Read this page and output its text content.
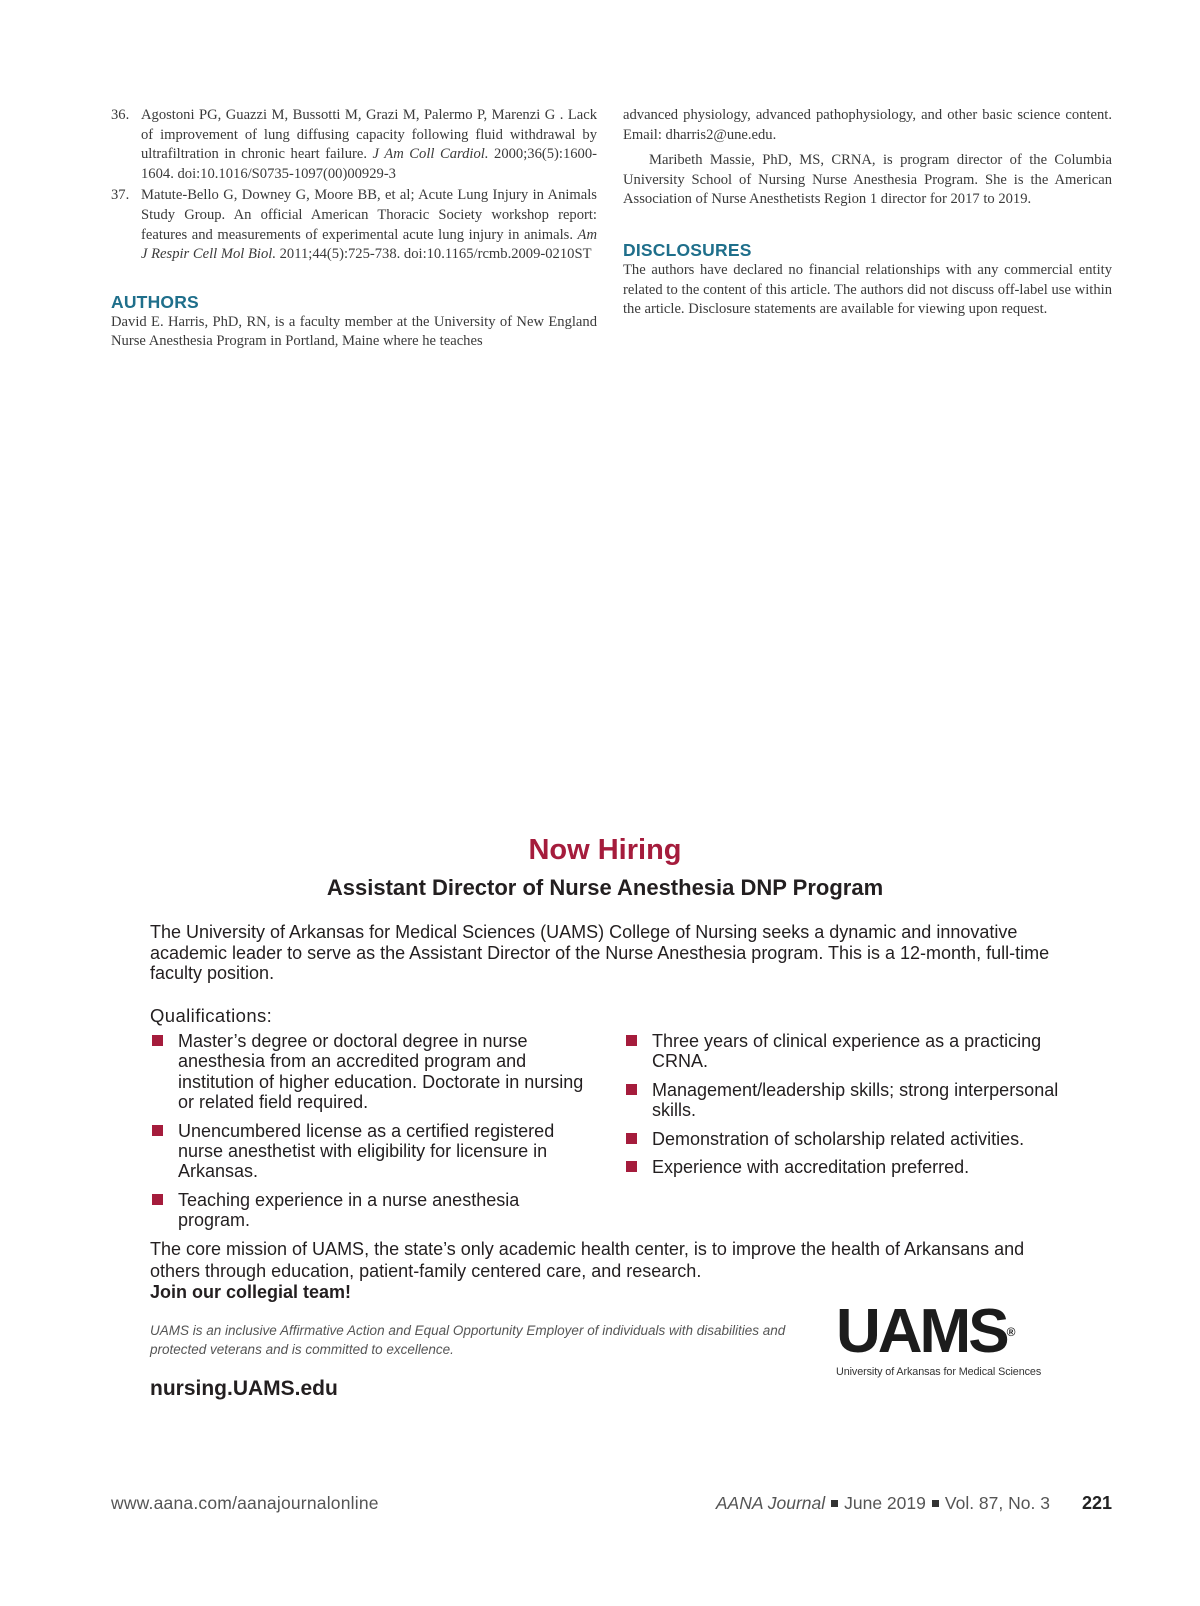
36. Agostoni PG, Guazzi M, Bussotti M, Grazi M, Palermo P, Marenzi G . Lack of improvement of lung diffusing capacity following fluid withdrawal by ultrafiltration in chronic heart failure. J Am Coll Cardiol. 2000;36(5):1600-1604. doi:10.1016/S0735-1097(00)00929-3
37. Matute-Bello G, Downey G, Moore BB, et al; Acute Lung Injury in Animals Study Group. An official American Thoracic Society workshop report: features and measurements of experimental acute lung injury in animals. Am J Respir Cell Mol Biol. 2011;44(5):725-738. doi:10.1165/rcmb.2009-0210ST
AUTHORS

David E. Harris, PhD, RN, is a faculty member at the University of New England Nurse Anesthesia Program in Portland, Maine where he teaches

advanced physiology, advanced pathophysiology, and other basic science content. Email: dharris2@une.edu.

Maribeth Massie, PhD, MS, CRNA, is program director of the Columbia University School of Nursing Nurse Anesthesia Program. She is the American Association of Nurse Anesthetists Region 1 director for 2017 to 2019.

DISCLOSURES

The authors have declared no financial relationships with any commercial entity related to the content of this article. The authors did not discuss off-label use within the article. Disclosure statements are available for viewing upon request.

Now Hiring
Assistant Director of Nurse Anesthesia DNP Program

The University of Arkansas for Medical Sciences (UAMS) College of Nursing seeks a dynamic and innovative academic leader to serve as the Assistant Director of the Nurse Anesthesia program. This is a 12-month, full-time faculty position.

Qualifications:
Master’s degree or doctoral degree in nurse anesthesia from an accredited program and institution of higher education. Doctorate in nursing or related field required.
Unencumbered license as a certified registered nurse anesthetist with eligibility for licensure in Arkansas.
Teaching experience in a nurse anesthesia program.
Three years of clinical experience as a practicing CRNA.
Management/leadership skills; strong interpersonal skills.
Demonstration of scholarship related activities.
Experience with accreditation preferred.

The core mission of UAMS, the state’s only academic health center, is to improve the health of Arkansans and others through education, patient-family centered care, and research.

Join our collegial team!

UAMS is an inclusive Affirmative Action and Equal Opportunity Employer of individuals with disabilities and protected veterans and is committed to excellence.

nursing.UAMS.edu
UAMS®
University of Arkansas for Medical Sciences
www.aana.com/aanajournalonline	AANA Journal June 2019 Vol. 87, No. 3 221
